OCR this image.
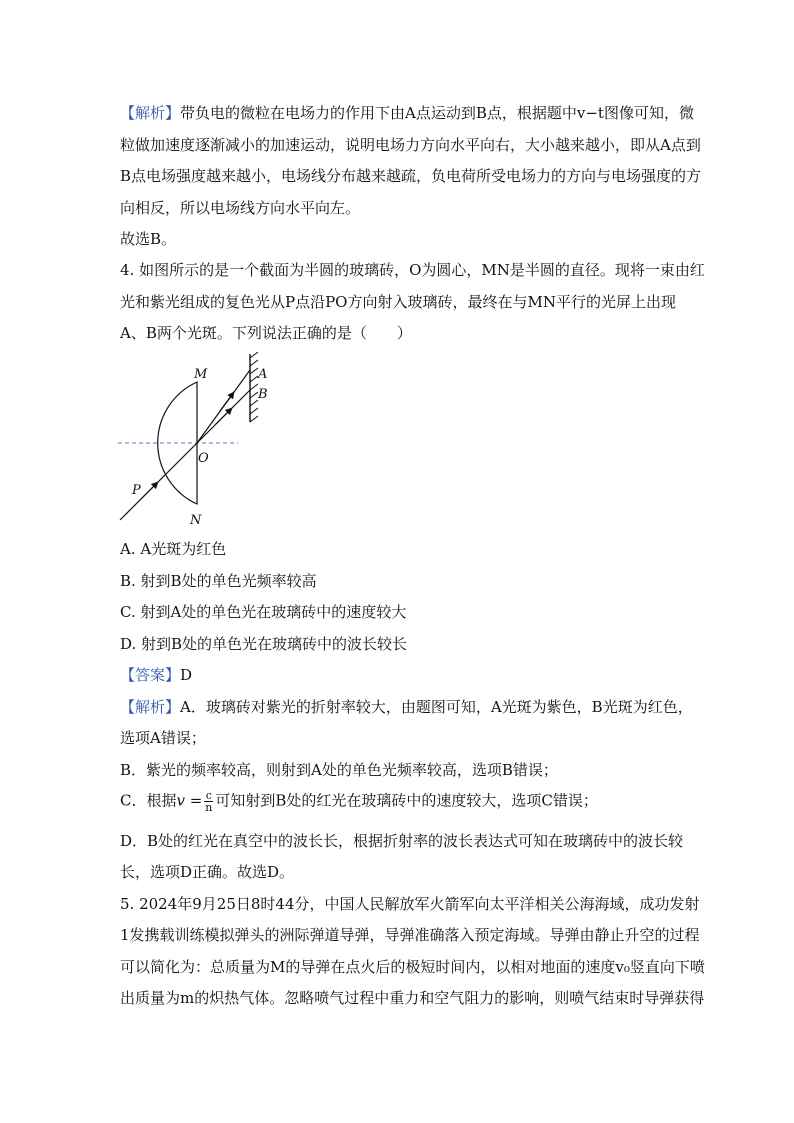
【解析】带负电的微粒在电场力的作用下由A点运动到B点，根据题中v−t图像可知，微
粒做加速度逐渐减小的加速运动，说明电场力方向水平向右，大小越来越小，即从A点到
B点电场强度越来越小，电场线分布越来越疏，负电荷所受电场力的方向与电场强度的方
向相反，所以电场线方向水平向左。
故选B。
4. 如图所示的是一个截面为半圆的玻璃砖，O为圆心，MN是半圆的直径。现将一束由红
光和紫光组成的复色光从P点沿PO方向射入玻璃砖，最终在与MN平行的光屏上出现
A、B两个光斑。下列说法正确的是（　　）
M
N
O
P
A
B
A. A光斑为红色
B. 射到B处的单色光频率较高
C. 射到A处的单色光在玻璃砖中的速度较大
D. 射到B处的单色光在玻璃砖中的波长较长
【答案】D
【解析】A．玻璃砖对紫光的折射率较大，由题图可知，A光斑为紫色，B光斑为红色，
选项A错误；
B．紫光的频率较高，则射到A处的单色光频率较高，选项B错误；
C．根据$v = \frac{c}{n}$ 可知射到B处的红光在玻璃砖中的速度较大，选项C错误；
D．B处的红光在真空中的波长长，根据折射率的波长表达式可知在玻璃砖中的波长较
长，选项D正确。故选D。
5. 2024年9月25日8时44分，中国人民解放军火箭军向太平洋相关公海海域，成功发射
1发携载训练模拟弹头的洲际弹道导弹，导弹准确落入预定海域。导弹由静止升空的过程
可以简化为：总质量为M的导弹在点火后的极短时间内，以相对地面的速度v₀竖直向下喷
出质量为m的炽热气体。忽略喷气过程中重力和空气阻力的影响，则喷气结束时导弹获得
